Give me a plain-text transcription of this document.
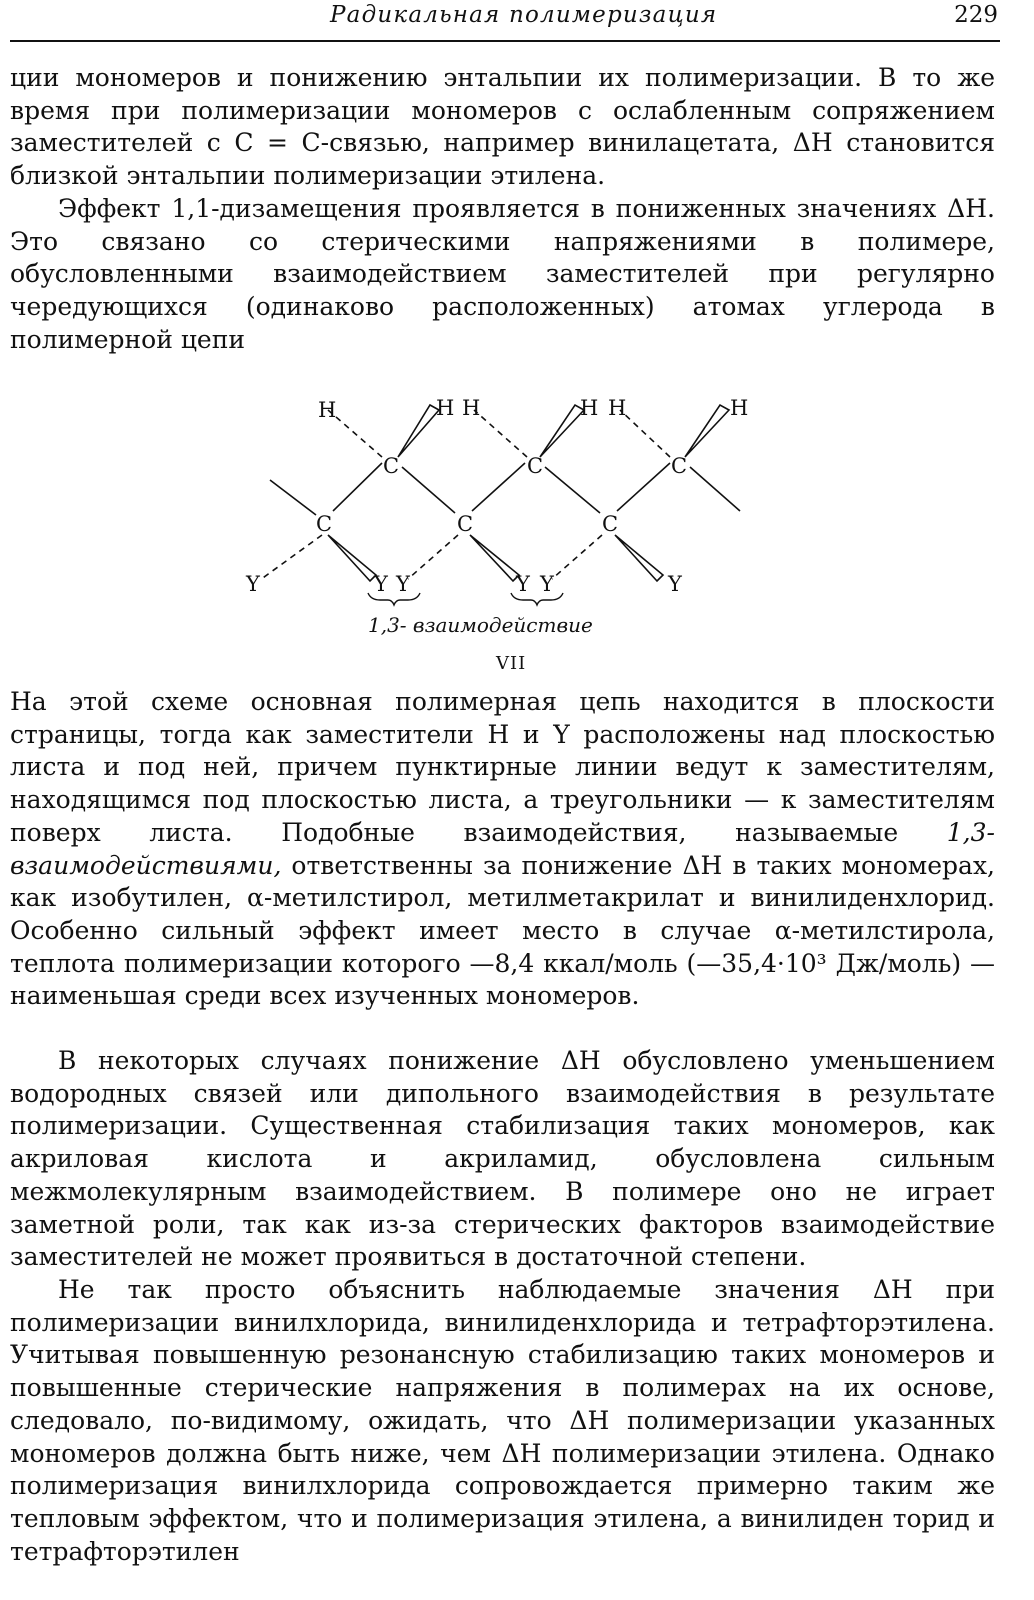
Радикальная полимеризация	229

ции мономеров и понижению энтальпии их полимеризации. В то же время при полимеризации мономеров с ослабленным сопряжением заместителей с С = С-связью, например винилацетата, ΔH становится близкой энтальпии полимеризации этилена.

Эффект 1,1-дизамещения проявляется в пониженных значениях ΔH. Это связано со стерическими напряжениями в полимере, обусловленными взаимодействием заместителей при регулярно чередующихся (одинаково расположенных) атомах углерода в полимерной цепи

C
C
C
C
C
C
H	H H	H H	H
Y	Y Y	Y Y	Y
1,3- взаимодействие
VII

На этой схеме основная полимерная цепь находится в плоскости страницы, тогда как заместители H и Y расположены над плоскостью листа и под ней, причем пунктирные линии ведут к заместителям, находящимся под плоскостью листа, а треугольники — к заместителям поверх листа. Подобные взаимодействия, называемые 1,3-взаимодействиями, ответственны за понижение ΔH в таких мономерах, как изобутилен, α-метилстирол, метилметакрилат и винилиденхлорид. Особенно сильный эффект имеет место в случае α-метилстирола, теплота полимеризации которого —8,4 ккал/моль (—35,4·10³ Дж/моль) — наименьшая среди всех изученных мономеров.

В некоторых случаях понижение ΔH обусловлено уменьшением водородных связей или дипольного взаимодействия в результате полимеризации. Существенная стабилизация таких мономеров, как акриловая кислота и акриламид, обусловлена сильным межмолекулярным взаимодействием. В полимере оно не играет заметной роли, так как из-за стерических факторов взаимодействие заместителей не может проявиться в достаточной степени.

Не так просто объяснить наблюдаемые значения ΔH при полимеризации винилхлорида, винилиденхлорида и тетрафторэтилена. Учитывая повышенную резонансную стабилизацию таких мономеров и повышенные стерические напряжения в полимерах на их основе, следовало, по-видимому, ожидать, что ΔH полимеризации указанных мономеров должна быть ниже, чем ΔH полимеризации этилена. Однако полимеризация винилхлорида сопровождается примерно таким же тепловым эффектом, что и полимеризация этилена, а винилиден торид и тетрафторэтилен
